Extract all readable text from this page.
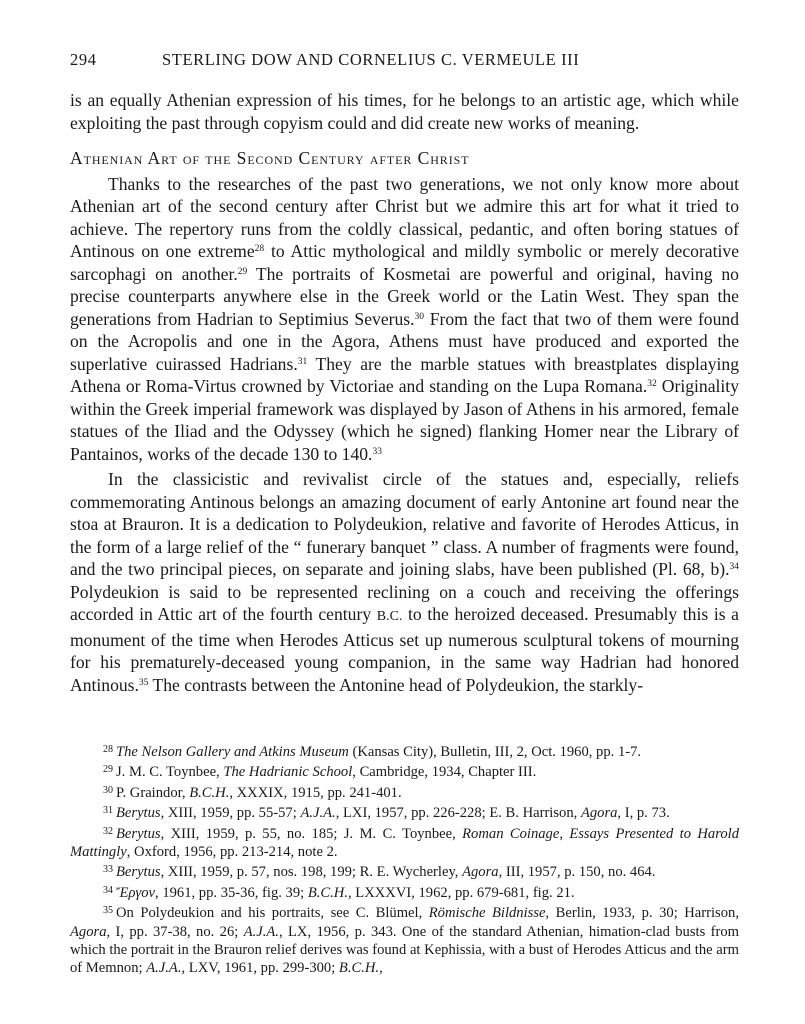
294	STERLING DOW AND CORNELIUS C. VERMEULE III

is an equally Athenian expression of his times, for he belongs to an artistic age, which while exploiting the past through copyism could and did create new works of meaning.

Athenian Art of the Second Century after Christ

Thanks to the researches of the past two generations, we not only know more about Athenian art of the second century after Christ but we admire this art for what it tried to achieve. The repertory runs from the coldly classical, pedantic, and often boring statues of Antinous on one extreme$^{28}$ to Attic mythological and mildly symbolic or merely decorative sarcophagi on another.$^{29}$ The portraits of Kosmetai are powerful and original, having no precise counterparts anywhere else in the Greek world or the Latin West. They span the generations from Hadrian to Septimius Severus.$^{30}$ From the fact that two of them were found on the Acropolis and one in the Agora, Athens must have produced and exported the superlative cuirassed Hadrians.$^{31}$ They are the marble statues with breastplates displaying Athena or Roma-Virtus crowned by Victoriae and standing on the Lupa Romana.$^{32}$ Originality within the Greek imperial framework was displayed by Jason of Athens in his armored, female statues of the Iliad and the Odyssey (which he signed) flanking Homer near the Library of Pantainos, works of the decade 130 to 140.33

In the classicistic and revivalist circle of the statues and, especially, reliefs commemorating Antinous belongs an amazing document of early Antonine art found near the stoa at Brauron. It is a dedication to Polydeukion, relative and favorite of Herodes Atticus, in the form of a large relief of the “ funerary banquet ” class. A number of fragments were found, and the two principal pieces, on separate and joining slabs, have been published (Pl. 68, b).$^{34}$ Polydeukion is said to be represented reclining on a couch and receiving the offerings accorded in Attic art of the fourth century B.C. to the heroized deceased. Presumably this is a monument of the time when Herodes Atticus set up numerous sculptural tokens of mourning for his prematurely-deceased young companion, in the same way Hadrian had honored Antinous.$^{35}$ The contrasts between the Antonine head of Polydeukion, the starkly-

$^{28}$ The Nelson Gallery and Atkins Museum (Kansas City), Bulletin, III, 2, Oct. 1960, pp. 1-7.

$^{29}$ J. M. C. Toynbee, The Hadrianic School, Cambridge, 1934, Chapter III.

$^{30}$ P. Graindor, B.C.H., XXXIX, 1915, pp. 241-401.

$^{31}$ Berytus, XIII, 1959, pp. 55-57; A.J.A., LXI, 1957, pp. 226-228; E. B. Harrison, Agora, I, p. 73.

$^{32}$ Berytus, XIII, 1959, p. 55, no. 185; J. M. C. Toynbee, Roman Coinage, Essays Presented to Harold Mattingly, Oxford, 1956, pp. 213-214, note 2.

$^{33}$ Berytus, XIII, 1959, p. 57, nos. 198, 199; R. E. Wycherley, Agora, III, 1957, p. 150, no. 464.

$^{34}$ Ἔργον, 1961, pp. 35-36, fig. 39; B.C.H., LXXXVI, 1962, pp. 679-681, fig. 21.

$^{35}$ On Polydeukion and his portraits, see C. Blümel, Römische Bildnisse, Berlin, 1933, p. 30; Harrison, Agora, I, pp. 37-38, no. 26; A.J.A., LX, 1956, p. 343. One of the standard Athenian, himation-clad busts from which the portrait in the Brauron relief derives was found at Kephissia, with a bust of Herodes Atticus and the arm of Memnon; A.J.A., LXV, 1961, pp. 299-300; B.C.H.,
